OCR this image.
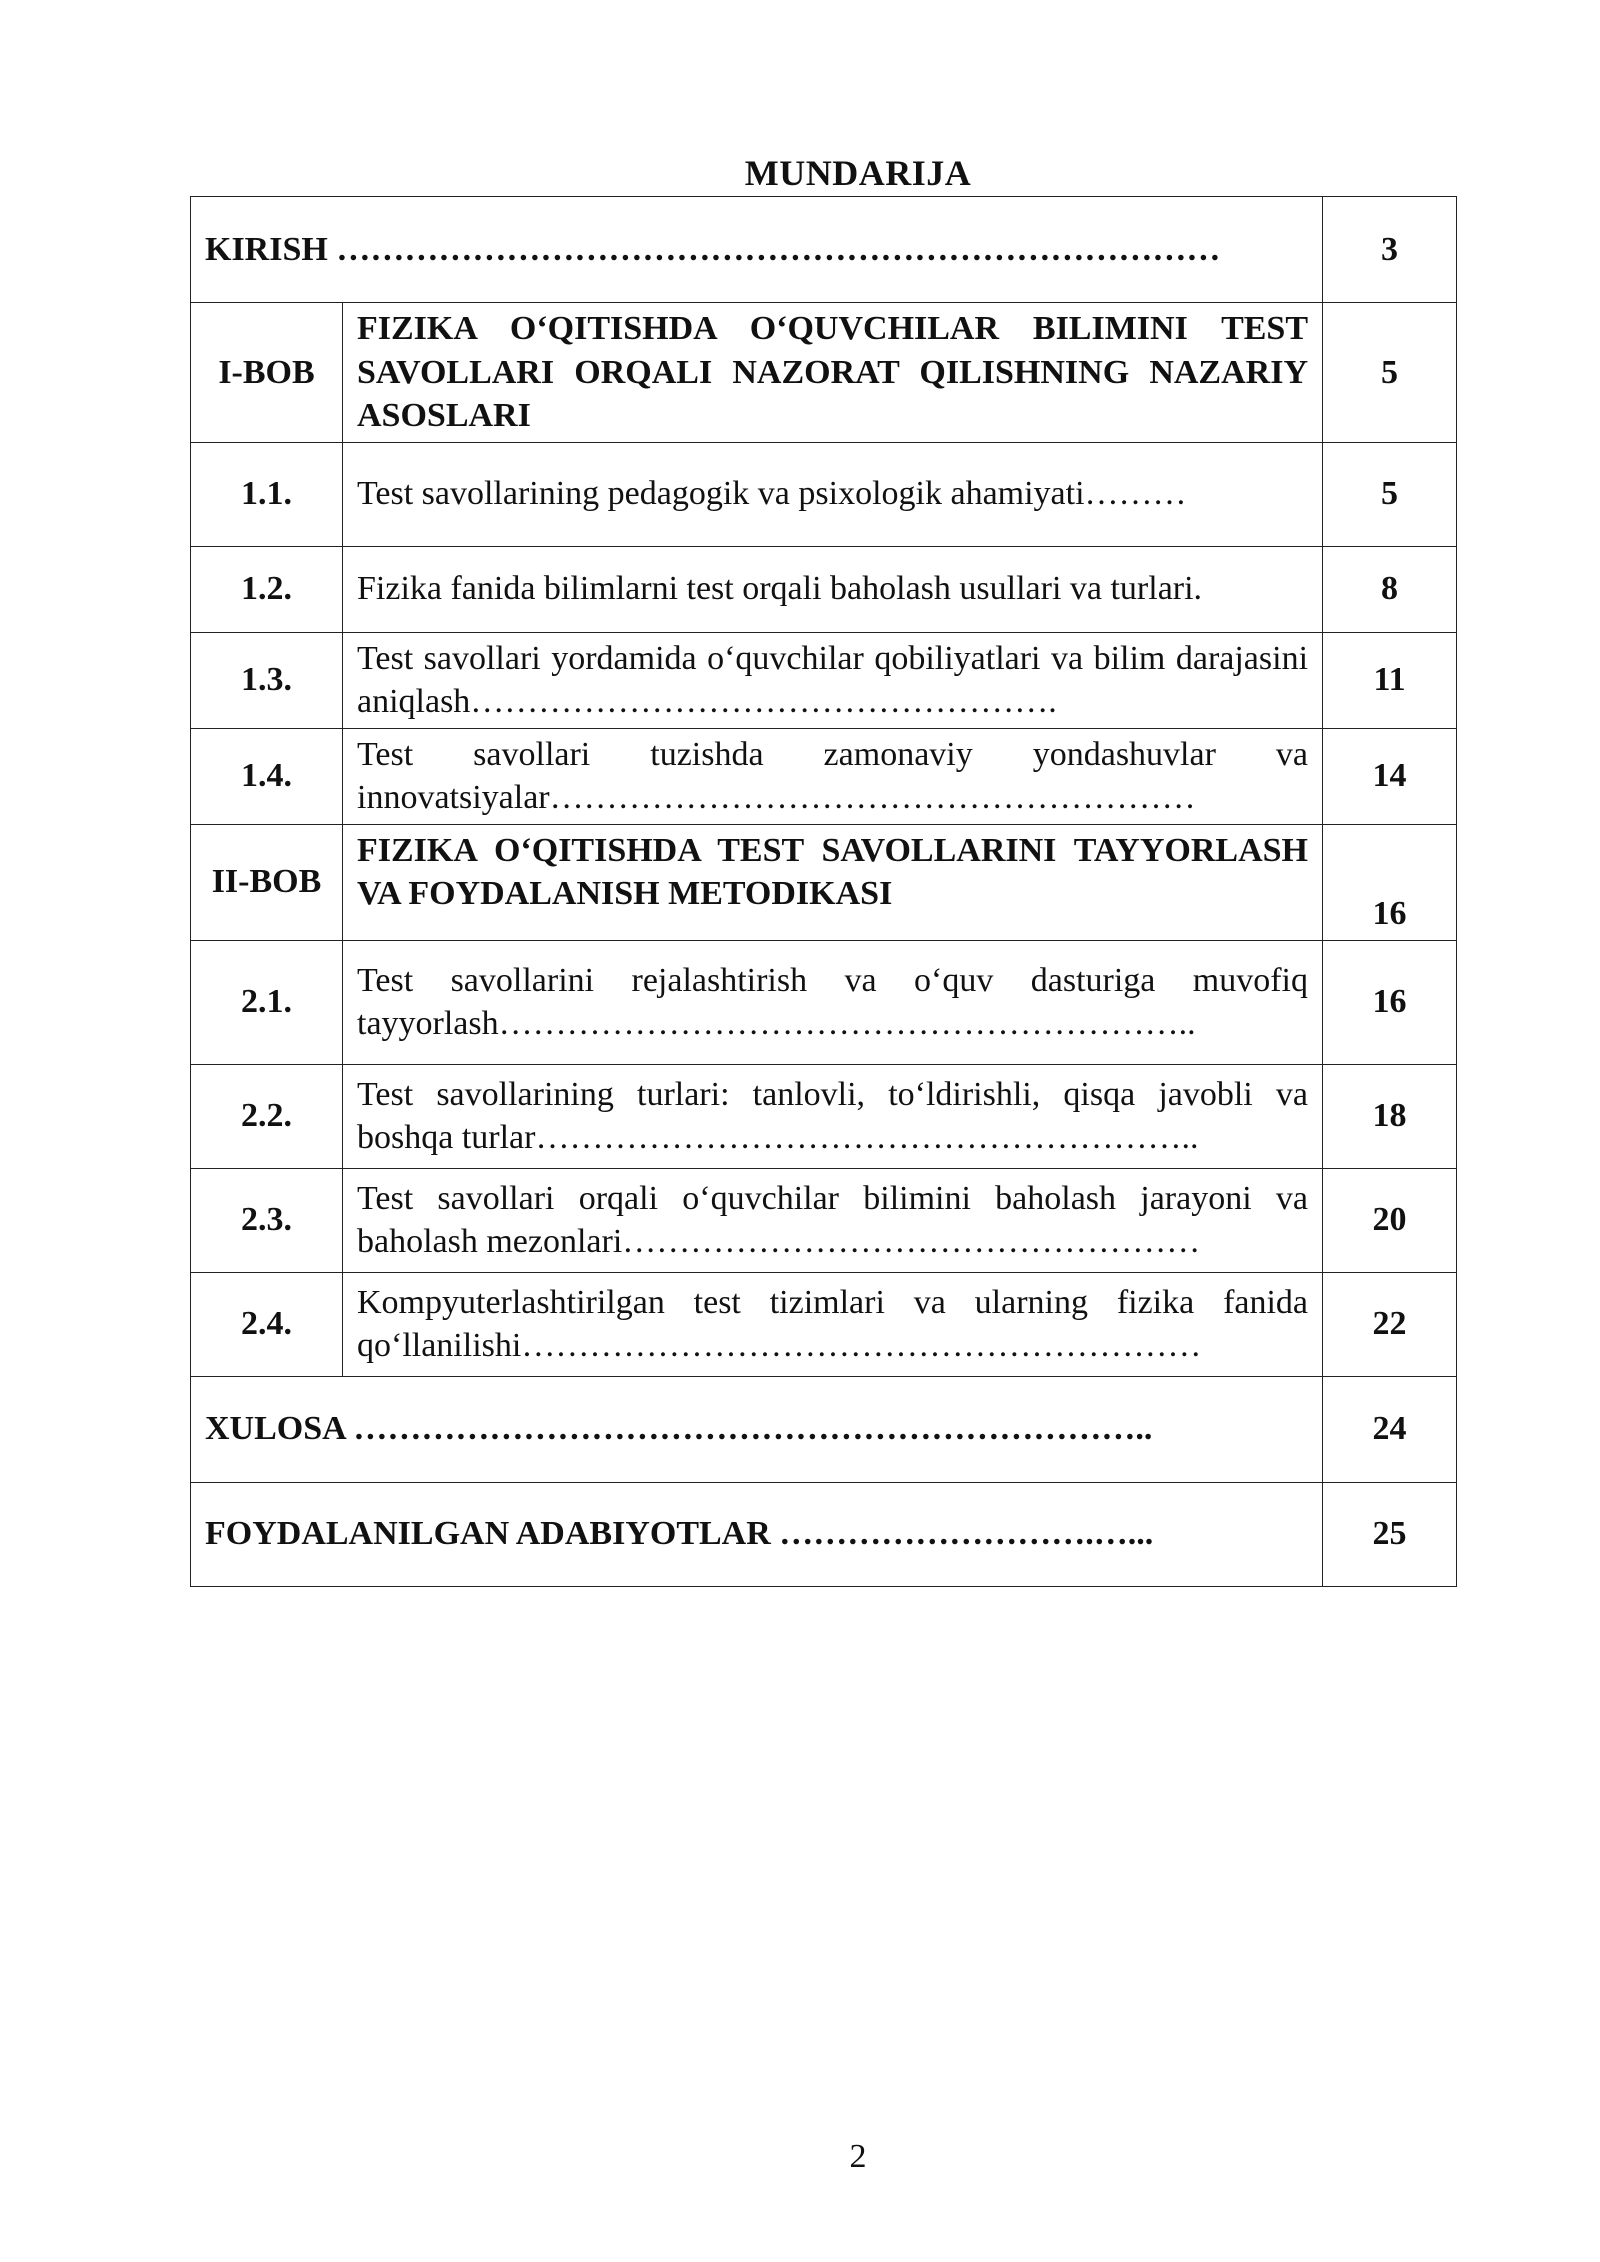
MUNDARIJA
KIRISH ……………………………………………………………………		3
I-BOB	FIZIKA O‘QITISHDA O‘QUVCHILAR BILIMINI TEST SAVOLLARI ORQALI NAZORAT QILISHNING NAZARIY ASOSLARI	5
1.1.	Test savollarining pedagogik va psixologik ahamiyati………	5
1.2.	Fizika fanida bilimlarni test orqali baholash usullari va turlari.	8
1.3.	Test savollari yordamida o‘quvchilar qobiliyatlari va bilim darajasini aniqlash…………………………………………….	11
1.4.	Test savollari tuzishda zamonaviy yondashuvlar va innovatsiyalar…………………………………………………	14
II-BOB	FIZIKA O‘QITISHDA TEST SAVOLLARINI TAYYORLASH VA FOYDALANISH METODIKASI	16
2.1.	Test savollarini rejalashtirish va o‘quv dasturiga muvofiq tayyorlash……………………………………………………..	16
2.2.	Test savollarining turlari: tanlovli, to‘ldirishli, qisqa javobli va boshqa turlar…………………………………………………..	18
2.3.	Test savollari orqali o‘quvchilar bilimini baholash jarayoni va baholash mezonlari……………………………………………	20
2.4.	Kompyuterlashtirilgan test tizimlari va ularning fizika fanida qo‘llanilishi……………………………………………………	22
XULOSA ……………………………………………………………..		24
FOYDALANILGAN ADABIYOTLAR ……………………….…...		25
2
